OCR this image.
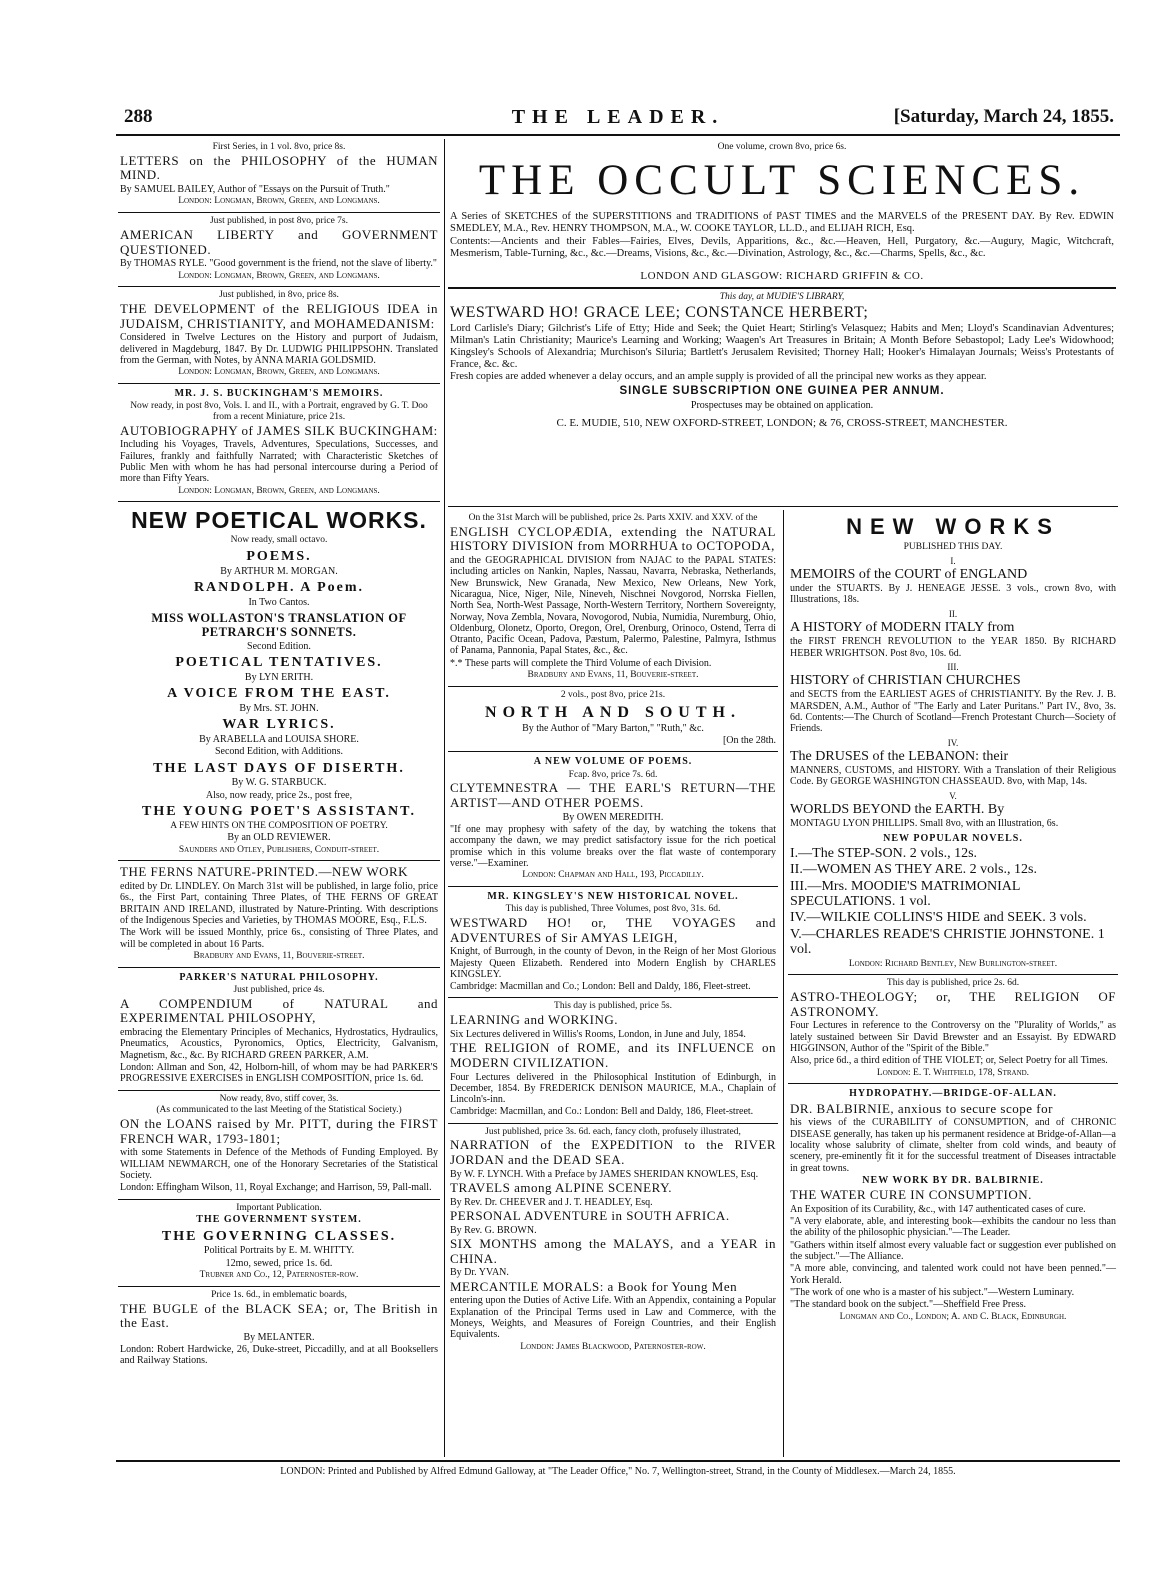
288	THE LEADER.	[Saturday, March 24, 1855.
First Series, in 1 vol. 8vo, price 8s.
LETTERS on the PHILOSOPHY of the HUMAN MIND.
By SAMUEL BAILEY, Author of "Essays on the Pursuit of Truth."
London: Longman, Brown, Green, and Longmans.
Just published, in post 8vo, price 7s.
AMERICAN LIBERTY and GOVERNMENT QUESTIONED.
By THOMAS RYLE. "Good government is the friend, not the slave of liberty."
London: Longman, Brown, Green, and Longmans.
Just published, in 8vo, price 8s.
THE DEVELOPMENT of the RELIGIOUS IDEA in JUDAISM, CHRISTIANITY, and MOHAMEDANISM:
Considered in Twelve Lectures on the History and purport of Judaism, delivered in Magdeburg, 1847. By Dr. LUDWIG PHILIPPSOHN. Translated from the German, with Notes, by ANNA MARIA GOLDSMID.
London: Longman, Brown, Green, and Longmans.
MR. J. S. BUCKINGHAM'S MEMOIRS.
Now ready, in post 8vo, Vols. I. and II., with a Portrait, engraved by G. T. Doo from a recent Miniature, price 21s.
AUTOBIOGRAPHY of JAMES SILK BUCKINGHAM:
Including his Voyages, Travels, Adventures, Speculations, Successes, and Failures, frankly and faithfully Narrated; with Characteristic Sketches of Public Men with whom he has had personal intercourse during a Period of more than Fifty Years.
London: Longman, Brown, Green, and Longmans.
NEW POETICAL WORKS.
Now ready, small octavo.
POEMS.
By ARTHUR M. MORGAN.
RANDOLPH. A Poem.
In Two Cantos.
MISS WOLLASTON'S TRANSLATION OF PETRARCH'S SONNETS.
Second Edition.
POETICAL TENTATIVES.
By LYN ERITH.
A VOICE FROM THE EAST.
By Mrs. ST. JOHN.
WAR LYRICS.
By ARABELLA and LOUISA SHORE.
Second Edition, with Additions.
THE LAST DAYS OF DISERTH.
By W. G. STARBUCK.
Also, now ready, price 2s., post free,
THE YOUNG POET'S ASSISTANT.
A FEW HINTS ON THE COMPOSITION OF POETRY.
By an OLD REVIEWER.
Saunders and Otley, Publishers, Conduit-street.
THE FERNS NATURE-PRINTED.—NEW WORK
edited by Dr. LINDLEY. On March 31st will be published, in large folio, price 6s., the First Part, containing Three Plates, of THE FERNS OF GREAT BRITAIN AND IRELAND, illustrated by Nature-Printing. With descriptions of the Indigenous Species and Varieties, by THOMAS MOORE, Esq., F.L.S.
The Work will be issued Monthly, price 6s., consisting of Three Plates, and will be completed in about 16 Parts.
Bradbury and Evans, 11, Bouverie-street.
PARKER'S NATURAL PHILOSOPHY.
Just published, price 4s.
A COMPENDIUM of NATURAL and EXPERIMENTAL PHILOSOPHY,
embracing the Elementary Principles of Mechanics, Hydrostatics, Hydraulics, Pneumatics, Acoustics, Pyronomics, Optics, Electricity, Galvanism, Magnetism, &c., &c. By RICHARD GREEN PARKER, A.M.
London: Allman and Son, 42, Holborn-hill, of whom may be had PARKER'S PROGRESSIVE EXERCISES in ENGLISH COMPOSITION, price 1s. 6d.
Now ready, 8vo, stiff cover, 3s.
(As communicated to the last Meeting of the Statistical Society.)
ON the LOANS raised by Mr. PITT, during the FIRST FRENCH WAR, 1793-1801;
with some Statements in Defence of the Methods of Funding Employed. By WILLIAM NEWMARCH, one of the Honorary Secretaries of the Statistical Society.
London: Effingham Wilson, 11, Royal Exchange; and Harrison, 59, Pall-mall.
Important Publication.
THE GOVERNMENT SYSTEM.
THE GOVERNING CLASSES.
Political Portraits by E. M. WHITTY.
12mo, sewed, price 1s. 6d.
Trubner and Co., 12, Paternoster-row.
Price 1s. 6d., in emblematic boards,
THE BUGLE of the BLACK SEA; or, The British in the East.
By MELANTER.
London: Robert Hardwicke, 26, Duke-street, Piccadilly, and at all Booksellers and Railway Stations.
One volume, crown 8vo, price 6s.
THE OCCULT SCIENCES.
A Series of SKETCHES of the SUPERSTITIONS and TRADITIONS of PAST TIMES and the MARVELS of the PRESENT DAY. By Rev. EDWIN SMEDLEY, M.A., Rev. HENRY THOMPSON, M.A., W. COOKE TAYLOR, LL.D., and ELIJAH RICH, Esq.
Contents:—Ancients and their Fables—Fairies, Elves, Devils, Apparitions, &c., &c.—Heaven, Hell, Purgatory, &c.—Augury, Magic, Witchcraft, Mesmerism, Table-Turning, &c., &c.—Dreams, Visions, &c., &c.—Divination, Astrology, &c., &c.—Charms, Spells, &c., &c.
LONDON AND GLASGOW: RICHARD GRIFFIN & CO.
This day, at MUDIE'S LIBRARY,
WESTWARD HO! GRACE LEE; CONSTANCE HERBERT;
Lord Carlisle's Diary; Gilchrist's Life of Etty; Hide and Seek; the Quiet Heart; Stirling's Velasquez; Habits and Men; Lloyd's Scandinavian Adventures; Milman's Latin Christianity; Maurice's Learning and Working; Waagen's Art Treasures in Britain; A Month Before Sebastopol; Lady Lee's Widowhood; Kingsley's Schools of Alexandria; Murchison's Siluria; Bartlett's Jerusalem Revisited; Thorney Hall; Hooker's Himalayan Journals; Weiss's Protestants of France, &c. &c.
Fresh copies are added whenever a delay occurs, and an ample supply is provided of all the principal new works as they appear.
SINGLE SUBSCRIPTION ONE GUINEA PER ANNUM.
Prospectuses may be obtained on application.
C. E. MUDIE, 510, NEW OXFORD-STREET, LONDON; & 76, CROSS-STREET, MANCHESTER.
On the 31st March will be published, price 2s. Parts XXIV. and XXV. of the
ENGLISH CYCLOPÆDIA, extending the NATURAL HISTORY DIVISION from MORRHUA to OCTOPODA,
and the GEOGRAPHICAL DIVISION from NAJAC to the PAPAL STATES: including articles on Nankin, Naples, Nassau, Navarra, Nebraska, Netherlands, New Brunswick, New Granada, New Mexico, New Orleans, New York, Nicaragua, Nice, Niger, Nile, Nineveh, Nischnei Novgorod, Norrska Fiellen, North Sea, North-West Passage, North-Western Territory, Northern Sovereignty, Norway, Nova Zembla, Novara, Novogorod, Nubia, Numidia, Nuremburg, Ohio, Oldenburg, Olonetz, Oporto, Oregon, Orel, Orenburg, Orinoco, Ostend, Terra di Otranto, Pacific Ocean, Padova, Pæstum, Palermo, Palestine, Palmyra, Isthmus of Panama, Pannonia, Papal States, &c., &c.
*.* These parts will complete the Third Volume of each Division.
Bradbury and Evans, 11, Bouverie-street.
2 vols., post 8vo, price 21s.
NORTH AND SOUTH.
By the Author of "Mary Barton," "Ruth," &c.
[On the 28th.
A NEW VOLUME OF POEMS.
Fcap. 8vo, price 7s. 6d.
CLYTEMNESTRA — THE EARL'S RETURN—THE ARTIST—AND OTHER POEMS.
By OWEN MEREDITH.
"If one may prophesy with safety of the day, by watching the tokens that accompany the dawn, we may predict satisfactory issue for the rich poetical promise which in this volume breaks over the flat waste of contemporary verse."—Examiner.
London: Chapman and Hall, 193, Piccadilly.
MR. KINGSLEY'S NEW HISTORICAL NOVEL.
This day is published, Three Volumes, post 8vo, 31s. 6d.
WESTWARD HO! or, THE VOYAGES and ADVENTURES of Sir AMYAS LEIGH,
Knight, of Burrough, in the county of Devon, in the Reign of her Most Glorious Majesty Queen Elizabeth. Rendered into Modern English by CHARLES KINGSLEY.
Cambridge: Macmillan and Co.; London: Bell and Daldy, 186, Fleet-street.
This day is published, price 5s.
LEARNING and WORKING.
Six Lectures delivered in Willis's Rooms, London, in June and July, 1854.
THE RELIGION of ROME, and its INFLUENCE on MODERN CIVILIZATION.
Four Lectures delivered in the Philosophical Institution of Edinburgh, in December, 1854. By FREDERICK DENISON MAURICE, M.A., Chaplain of Lincoln's-inn.
Cambridge: Macmillan, and Co.: London: Bell and Daldy, 186, Fleet-street.
Just published, price 3s. 6d. each, fancy cloth, profusely illustrated,
NARRATION of the EXPEDITION to the RIVER JORDAN and the DEAD SEA.
By W. F. LYNCH. With a Preface by JAMES SHERIDAN KNOWLES, Esq.
TRAVELS among ALPINE SCENERY.
By Rev. Dr. CHEEVER and J. T. HEADLEY, Esq.
PERSONAL ADVENTURE in SOUTH AFRICA.
By Rev. G. BROWN.
SIX MONTHS among the MALAYS, and a YEAR in CHINA.
By Dr. YVAN.
MERCANTILE MORALS: a Book for Young Men
entering upon the Duties of Active Life. With an Appendix, containing a Popular Explanation of the Principal Terms used in Law and Commerce, with the Moneys, Weights, and Measures of Foreign Countries, and their English Equivalents.
London: James Blackwood, Paternoster-row.
NEW WORKS
PUBLISHED THIS DAY.
I.
MEMOIRS of the COURT of ENGLAND
under the STUARTS. By J. HENEAGE JESSE. 3 vols., crown 8vo, with Illustrations, 18s.
II.
A HISTORY of MODERN ITALY from
the FIRST FRENCH REVOLUTION to the YEAR 1850. By RICHARD HEBER WRIGHTSON. Post 8vo, 10s. 6d.
III.
HISTORY of CHRISTIAN CHURCHES
and SECTS from the EARLIEST AGES of CHRISTIANITY. By the Rev. J. B. MARSDEN, A.M., Author of "The Early and Later Puritans." Part IV., 8vo, 3s. 6d. Contents:—The Church of Scotland—French Protestant Church—Society of Friends.
IV.
The DRUSES of the LEBANON: their
MANNERS, CUSTOMS, and HISTORY. With a Translation of their Religious Code. By GEORGE WASHINGTON CHASSEAUD. 8vo, with Map, 14s.
V.
WORLDS BEYOND the EARTH. By
MONTAGU LYON PHILLIPS. Small 8vo, with an Illustration, 6s.
NEW POPULAR NOVELS.
I.—The STEP-SON. 2 vols., 12s.
II.—WOMEN AS THEY ARE. 2 vols., 12s.
III.—Mrs. MOODIE'S MATRIMONIAL SPECULATIONS. 1 vol.
IV.—WILKIE COLLINS'S HIDE and SEEK. 3 vols.
V.—CHARLES READE'S CHRISTIE JOHNSTONE. 1 vol.
London: Richard Bentley, New Burlington-street.
This day is published, price 2s. 6d.
ASTRO-THEOLOGY; or, THE RELIGION OF ASTRONOMY.
Four Lectures in reference to the Controversy on the "Plurality of Worlds," as lately sustained between Sir David Brewster and an Essayist. By EDWARD HIGGINSON, Author of the "Spirit of the Bible."
Also, price 6d., a third edition of THE VIOLET; or, Select Poetry for all Times.
London: E. T. Whitfield, 178, Strand.
HYDROPATHY.—BRIDGE-OF-ALLAN.
DR. BALBIRNIE, anxious to secure scope for
his views of the CURABILITY of CONSUMPTION, and of CHRONIC DISEASE generally, has taken up his permanent residence at Bridge-of-Allan—a locality whose salubrity of climate, shelter from cold winds, and beauty of scenery, pre-eminently fit it for the successful treatment of Diseases intractable in great towns.
NEW WORK BY DR. BALBIRNIE.
THE WATER CURE IN CONSUMPTION.
An Exposition of its Curability, &c., with 147 authenticated cases of cure.
"A very elaborate, able, and interesting book—exhibits the candour no less than the ability of the philosophic physician."—The Leader.
"Gathers within itself almost every valuable fact or suggestion ever published on the subject."—The Alliance.
"A more able, convincing, and talented work could not have been penned."—York Herald.
"The work of one who is a master of his subject."—Western Luminary.
"The standard book on the subject."—Sheffield Free Press.
Longman and Co., London; A. and C. Black, Edinburgh.
LONDON: Printed and Published by Alfred Edmund Galloway, at "The Leader Office," No. 7, Wellington-street, Strand, in the County of Middlesex.—March 24, 1855.
